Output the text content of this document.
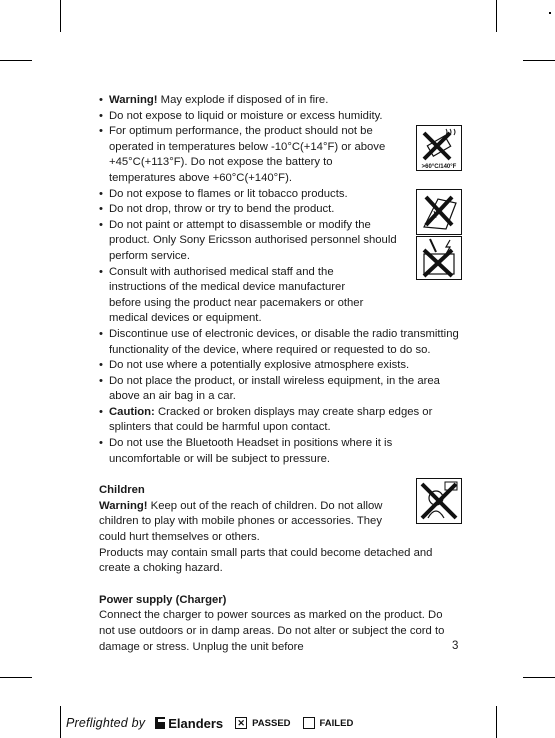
• Warning! May explode if disposed of in fire.
• Do not expose to liquid or moisture or excess humidity.
• For optimum performance, the product should not be operated in temperatures below -10°C(+14°F) or above +45°C(+113°F). Do not expose the battery to temperatures above +60°C(+140°F).
• Do not expose to flames or lit tobacco products.
• Do not drop, throw or try to bend the product.
• Do not paint or attempt to disassemble or modify the product. Only Sony Ericsson authorised personnel should perform service.
• Consult with authorised medical staff and the instructions of the medical device manufacturer before using the product near pacemakers or other medical devices or equipment.
• Discontinue use of electronic devices, or disable the radio transmitting functionality of the device, where required or requested to do so.
• Do not use where a potentially explosive atmosphere exists.
• Do not place the product, or install wireless equipment, in the area above an air bag in a car.
• Caution: Cracked or broken displays may create sharp edges or splinters that could be harmful upon contact.
• Do not use the Bluetooth Headset in positions where it is uncomfortable or will be subject to pressure.
Children

Warning! Keep out of the reach of children. Do not allow children to play with mobile phones or accessories. They could hurt themselves or others.

Products may contain small parts that could become detached and create a choking hazard.

Power supply (Charger)

Connect the charger to power sources as marked on the product. Do not use outdoors or in damp areas. Do not alter or subject the cord to damage or stress. Unplug the unit before

>60°C/140°F
3
Preflighted by Elanders ✕ PASSED	FAILED
